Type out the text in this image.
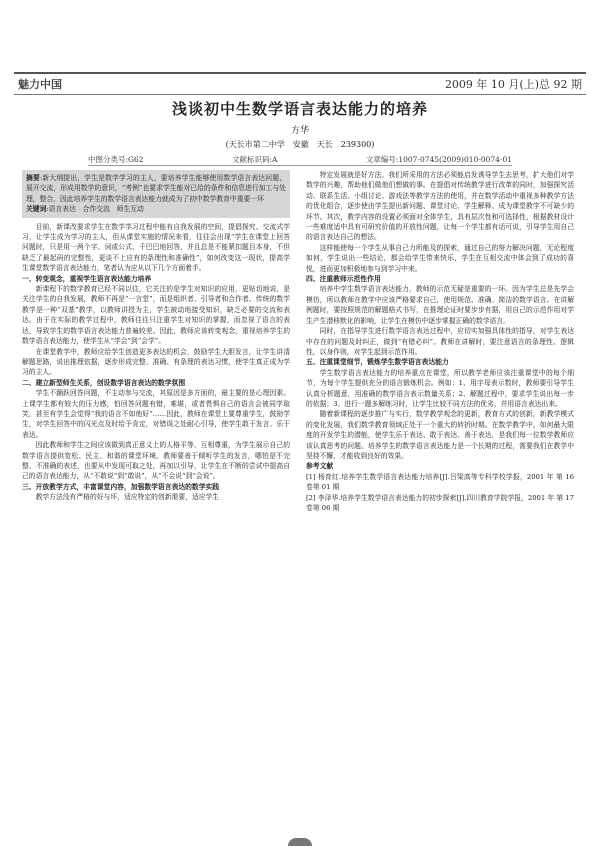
魅力中国	2009 年 10 月(上)总 92 期
浅谈初中生数学语言表达能力的培养
方华
(天长市第二中学　安徽　天长　239300)
中图分类号:G62	文献标识码:A	文章编号:1007-0745(2009)010-0074-01

摘要:新大纲提出，学生是数学学习的主人，要培养学生能够使用数学语言表达问题，展开交流，形成用数学的意识，“考例”也要求学生能对已给的条件和信息进行加工与处理，整合，因此培养学生的数学语言表达能力就成为了初中数学教育中重要一环

关键词:语言表达　合作交流　师生互动

目前，新课改要求学生在数学学习过程中能有自我发展的空间，提倡探究、交流式学习，让学生成为学习的主人，但从课堂实施的情况来看，往往会出现“学生在课堂上回答问题时，只是用一两个字、词或公式、千巴巴地回答，并且总是不能紧扣题目本身，不但缺乏了最起码的完整性，更谈不上应有的条理性和准确性”，如何改变这一现状，提高学生课堂数学语言表达能力，笔者认为应从以下几个方面着手。

一、转变观念，重视学生语言表达能力培养

新课程下的数学教育已经不同以往，它关注的是学生对知识的应用，更贴切地说，是关注学生的自我发展，教师不再是“一言堂”，而是组织者、引导者和合作者。传统的数学教学是一种“双基”教学，以教师讲授为主，学生被动地接受知识，缺乏必要的交流和表达。由于在实际的教学过程中，教师往往只注重学生对知识的掌握，而忽视了语言的表达，导致学生的数学语言表达能力普遍较差。因此，教师应该转变观念，重视培养学生的数学语言表达能力，使学生从“学会”到“会学”。

在课堂教学中，教师应给学生创造更多表达的机会，鼓励学生大胆发言，让学生讲清解题思路，说出推理依据，逐步形成完整、准确、有条理的表达习惯，使学生真正成为学习的主人。

二、建立新型师生关系，创设数学语言表达的数学氛围

学生不踊跃回答问题，不主动参与交流，其原因是多方面的，最主要的是心理因素。上课学生都有较大的压力感，怕回答问题有错，难堪，或者畏惧自己的语言会被同学取笑，甚至有学生会觉得“我的语言不如他好”……因此，教师在课堂上要尊重学生，鼓励学生，对学生回答中的闪光点及时给予肯定，对错误之处耐心引导，使学生敢于发言、乐于表达。

因此教师和学生之间应该做到真正意义上的人格平等、互相尊重，为学生展示自己的数学语言提供宽松、民主、和谐的课堂环境。教师要善于倾听学生的发言，哪怕是不完整、不准确的表述，也要从中发现可取之处，再加以引导，让学生在不断的尝试中提高自己的语言表达能力，从“不敢说”到“敢说”，从“不会说”到“会说”。

三、开放教学方式，丰富课堂内容，加强数学语言表达的数学实践

教学方法没有严格的好与坏，适应特定的创新需要，适应学生

特定发展就是好方法。我们所采用的方法必须能启发诱导学生去思考，扩大他们对学数学的兴趣，帮助他们做他们想做的事。在提倡对传统教学进行改革的同时，加强探究活动、联系生活、小组讨论、游戏法等教学方法的使用，并在数学活动中重视多种教学方法的优化组合，逐步使由学生提出新问题、课堂讨论、学生解释、成为课堂教学不可缺少的环节。其次，教学内容的设置必须面对全体学生，具有层次性和可选择性，根据教材设计一些难度适中具有可研究价值的开放性问题，让每一个学生都有话可说，引导学生用自己的语言表达自己的想法。

这样能使每一个学生从事自己力所能及的探索，通过自己的努力解决问题，无论程度如何，学生说出一些结论，都会给学生带来快乐，学生在互相交流中体会到了成功的喜悦，进而更加积极地参与到学习中来。

四、注重教师示范性作用

培养中学生数学语言表达能力，教师的示范无疑是重要的一环。因为学生总是先学会模仿，所以教师在教学中应该严格要求自己，使用规范、准确、简洁的数学语言。在讲解例题时，要按照规范的解题格式书写，在推理论证时要步步有据，用自己的示范作用对学生产生潜移默化的影响，让学生在模仿中逐步掌握正确的数学语言。

同时，在指导学生进行数学语言表达过程中，应切实加强具体性的指导，对学生表达中存在的问题及时纠正，做到“有错必纠”。教师在讲解时，要注意语言的条理性、逻辑性，以身作则，对学生起到示范作用。

五、注重课堂细节，锻炼学生数学语言表达能力

学生数学语言表达能力的培养重点在课堂，所以教学老师应该注重课堂中的每个细节，为每个学生提供充分的语言锻炼机会。例如：1、用字母表示数时，教师要引导学生认真分析题意，用准确的数学语言表示数量关系；2、解题过程中，要求学生说出每一步的依据；3、进行一题多解练习时，让学生比较不同方法的优劣，并用语言表达出来。

随着新课程的逐步推广与实行，数学教学观念的更新，教育方式的创新，新教学模式的变化发展，我们数学教育领域正处于一个重大的转折时期。在数学教学中，如何最大限度的开发学生的潜能，使学生乐于表达、敢于表达、善于表达，是我们每一位数学教师应该认真思考的问题。培养学生的数学语言表达能力是一个长期的过程，需要我们在教学中坚持不懈，才能收到良好的效果。

参考文献

[1] 杨育红.培养学生数学语言表达能力培养[J].吕梁高等专科学校学报，2001 年 第 16 卷第 01 期

[2] 李泽华.培养学生数学语言表达能力的初步探索[J].四川教育学院学报，2001 年 第 17 卷第 06 期
